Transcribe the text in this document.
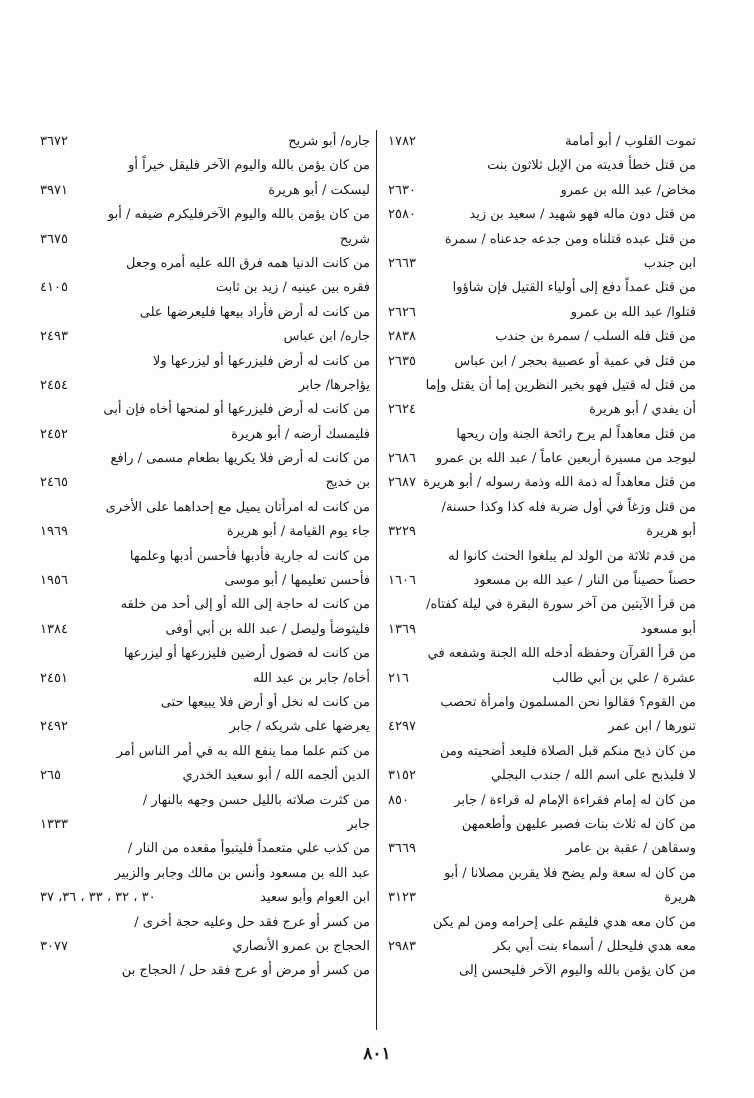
تموت القلوب / أبو أمامة
١٧٨٢
من قتل خطأ فديته من الإبل ثلاثون بنت
مخاض/ عبد الله بن عمرو
٢٦٣٠
من قتل دون ماله فهو شهيد / سعيد بن زيد
٢٥٨٠
من قتل عبده قتلناه ومن جدعه جدعناه / سمرة
ابن جندب
٢٦٦٣
من قتل عمداً دفع إلى أولياء القتيل فإن شاؤوا
قتلوا/ عبد الله بن عمرو
٢٦٢٦
من قتل فله السلب / سمرة بن جندب
٢٨٣٨
من قتل في عمية أو عصبية بحجر / ابن عباس
٢٦٣٥
من قتل له قتيل فهو بخير النظرين إما أن يقتل وإما
أن يفدي / أبو هريرة
٢٦٢٤
من قتل معاهداً لم يرح رائحة الجنة وإن ريحها
ليوجد من مسيرة أربعين عاماً / عبد الله بن عمرو
٢٦٨٦
من قتل معاهداً له ذمة الله وذمة رسوله / أبو هريرة
٢٦٨٧
من قتل وزغاً في أول ضربة فله كذا وكذا حسنة/
أبو هريرة
٣٢٢٩
من قدم ثلاثة من الولد لم يبلغوا الحنث كانوا له
حصناً حصيناً من النار / عبد الله بن مسعود
١٦٠٦
من قرأ الآيتين من آخر سورة البقرة في ليلة كفتاه/
أبو مسعود
١٣٦٩
من قرأ القرآن وحفظه أدخله الله الجنة وشفعه في
عشرة / علي بن أبي طالب
٢١٦
من القوم؟ فقالوا نحن المسلمون وامرأة تحصب
تنورها / ابن عمر
٤٢٩٧
من كان ذبح منكم قبل الصلاة فليعد أضحيته ومن
لا فليذبح على اسم الله / جندب البجلي
٣١٥٢
من كان له إمام فقراءة الإمام له قراءة / جابر
٨٥٠
من كان له ثلاث بنات فصبر عليهن وأطعمهن
وسقاهن / عقبة بن عامر
٣٦٦٩
من كان له سعة ولم يضح فلا يقربن مصلانا / أبو
هريرة
٣١٢٣
من كان معه هدي فليقم على إحرامه ومن لم يكن
معه هدي فليحلل / أسماء بنت أبي بكر
٢٩٨٣
من كان يؤمن بالله واليوم الآخر فليحسن إلى
جاره/ أبو شريح
٣٦٧٢
من كان يؤمن بالله واليوم الآخر فليقل خيراً أو
ليسكت / أبو هريرة
٣٩٧١
من كان يؤمن بالله واليوم الآخرفليكرم ضيفه / أبو
شريح
٣٦٧٥
من كانت الدنيا همه فرق الله عليه أمره وجعل
فقره بين عينيه / زيد بن ثابت
٤١٠٥
من كانت له أرض فأراد بيعها فليعرضها على
جاره/ ابن عباس
٢٤٩٣
من كانت له أرض فليزرعها أو ليزرعها ولا
يؤاجرها/ جابر
٢٤٥٤
من كانت له أرض فليزرعها أو لمنحها أخاه فإن أبى
فليمسك أرضه / أبو هريرة
٢٤٥٢
من كانت له أرض فلا يكريها بطعام مسمى / رافع
بن خديج
٢٤٦٥
من كانت له امرأتان يميل مع إحداهما على الأخرى
جاء يوم القيامة / أبو هريرة
١٩٦٩
من كانت له جارية فأدبها فأحسن أدبها وعلمها
فأحسن تعليمها / أبو موسى
١٩٥٦
من كانت له حاجة إلى الله أو إلى أحد من خلقه
فليتوضأ وليصل / عبد الله بن أبي أوفى
١٣٨٤
من كانت له فضول أرضين فليزرعها أو ليزرعها
أخاه/ جابر بن عبد الله
٢٤٥١
من كانت له نخل أو أرض فلا يبيعها حتى
يعرضها على شريكه / جابر
٢٤٩٢
من كتم علما مما ينفع الله به في أمر الناس أمر
الدين ألجمه الله / أبو سعيد الخدري
٢٦٥
من كثرت صلاته بالليل حسن وجهه بالنهار /
جابر
١٣٣٣
من كذب علي متعمداً فليتبوأ مقعده من النار /
عبد الله بن مسعود وأنس بن مالك وجابر والزبير
ابن العوام وأبو سعيد
٣٠ ، ٣٢ ، ٣٣ ، ٣٦، ٣٧
من كسر أو عرج فقد حل وعليه حجة أخرى /
الحجاج بن عمرو الأنصاري
٣٠٧٧
من كسر أو مرض أو عرج فقد حل / الحجاج بن
٨٠١
